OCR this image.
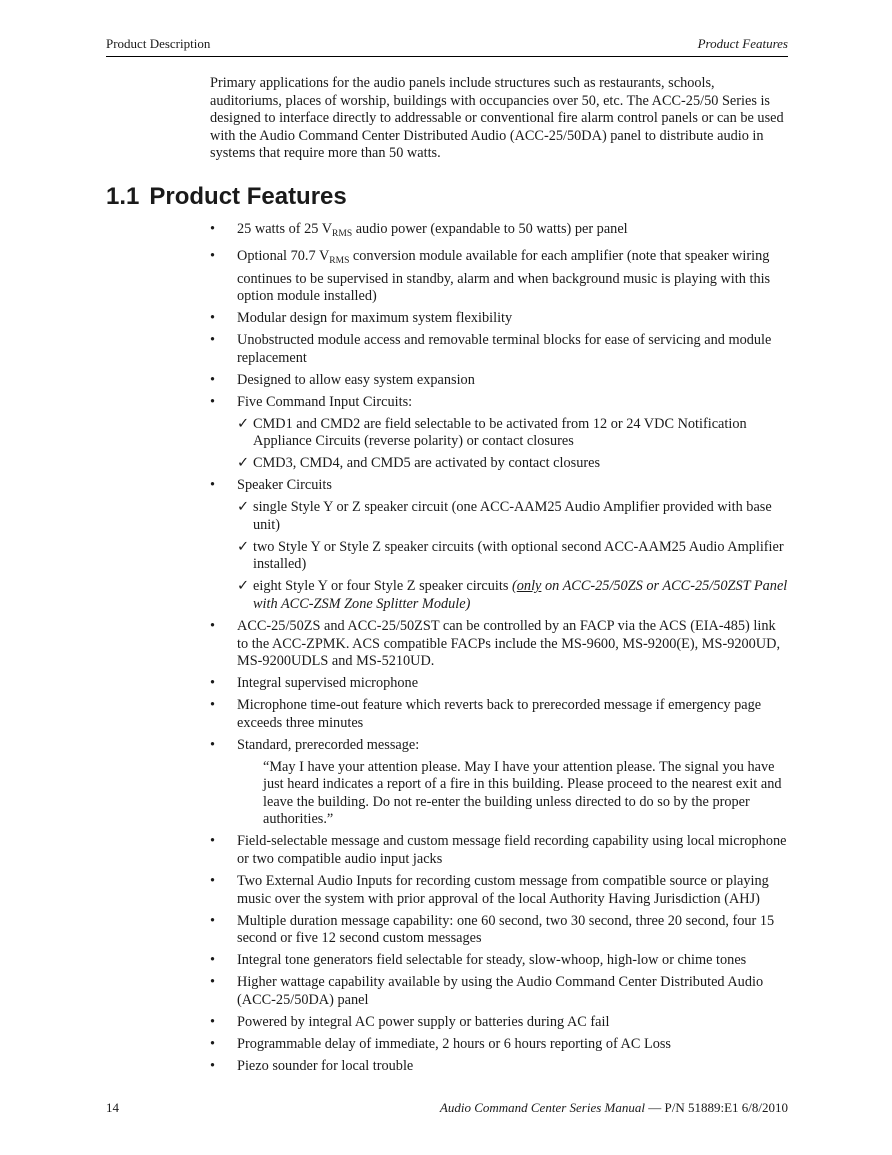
Product Description	Product Features

Primary applications for the audio panels include structures such as restaurants, schools, auditoriums, places of worship, buildings with occupancies over 50, etc. The ACC-25/50 Series is designed to interface directly to addressable or conventional fire alarm control panels or can be used with the Audio Command Center Distributed Audio (ACC-25/50DA) panel to distribute audio in systems that require more than 50 watts.

1.1 Product Features
• 25 watts of 25 $V_{RMS}$ audio power (expandable to 50 watts) per panel
• Optional 70.7 $V_{RMS}$ conversion module available for each amplifier (note that speaker wiring continues to be supervised in standby, alarm and when background music is playing with this option module installed)
• Modular design for maximum system flexibility
• Unobstructed module access and removable terminal blocks for ease of servicing and module replacement
• Designed to allow easy system expansion
• Five Command Input Circuits:
✓ CMD1 and CMD2 are field selectable to be activated from 12 or 24 VDC Notification Appliance Circuits (reverse polarity) or contact closures
✓ CMD3, CMD4, and CMD5 are activated by contact closures
• Speaker Circuits
✓ single Style Y or Z speaker circuit (one ACC-AAM25 Audio Amplifier provided with base unit)
✓ two Style Y or Style Z speaker circuits (with optional second ACC-AAM25 Audio Amplifier installed)
✓ eight Style Y or four Style Z speaker circuits (only on ACC-25/50ZS or ACC-25/50ZST Panel with ACC-ZSM Zone Splitter Module)
• ACC-25/50ZS and ACC-25/50ZST can be controlled by an FACP via the ACS (EIA-485) link to the ACC-ZPMK. ACS compatible FACPs include the MS-9600, MS-9200(E), MS-9200UD, MS-9200UDLS and MS-5210UD.
• Integral supervised microphone
• Microphone time-out feature which reverts back to prerecorded message if emergency page exceeds three minutes
• Standard, prerecorded message:
“May I have your attention please. May I have your attention please. The signal you have just heard indicates a report of a fire in this building. Please proceed to the nearest exit and leave the building. Do not re-enter the building unless directed to do so by the proper authorities.”
• Field-selectable message and custom message field recording capability using local microphone or two compatible audio input jacks
• Two External Audio Inputs for recording custom message from compatible source or playing music over the system with prior approval of the local Authority Having Jurisdiction (AHJ)
• Multiple duration message capability: one 60 second, two 30 second, three 20 second, four 15 second or five 12 second custom messages
• Integral tone generators field selectable for steady, slow-whoop, high-low or chime tones
• Higher wattage capability available by using the Audio Command Center Distributed Audio (ACC-25/50DA) panel
• Powered by integral AC power supply or batteries during AC fail
• Programmable delay of immediate, 2 hours or 6 hours reporting of AC Loss
• Piezo sounder for local trouble
14	Audio Command Center Series Manual — P/N 51889:E1 6/8/2010
